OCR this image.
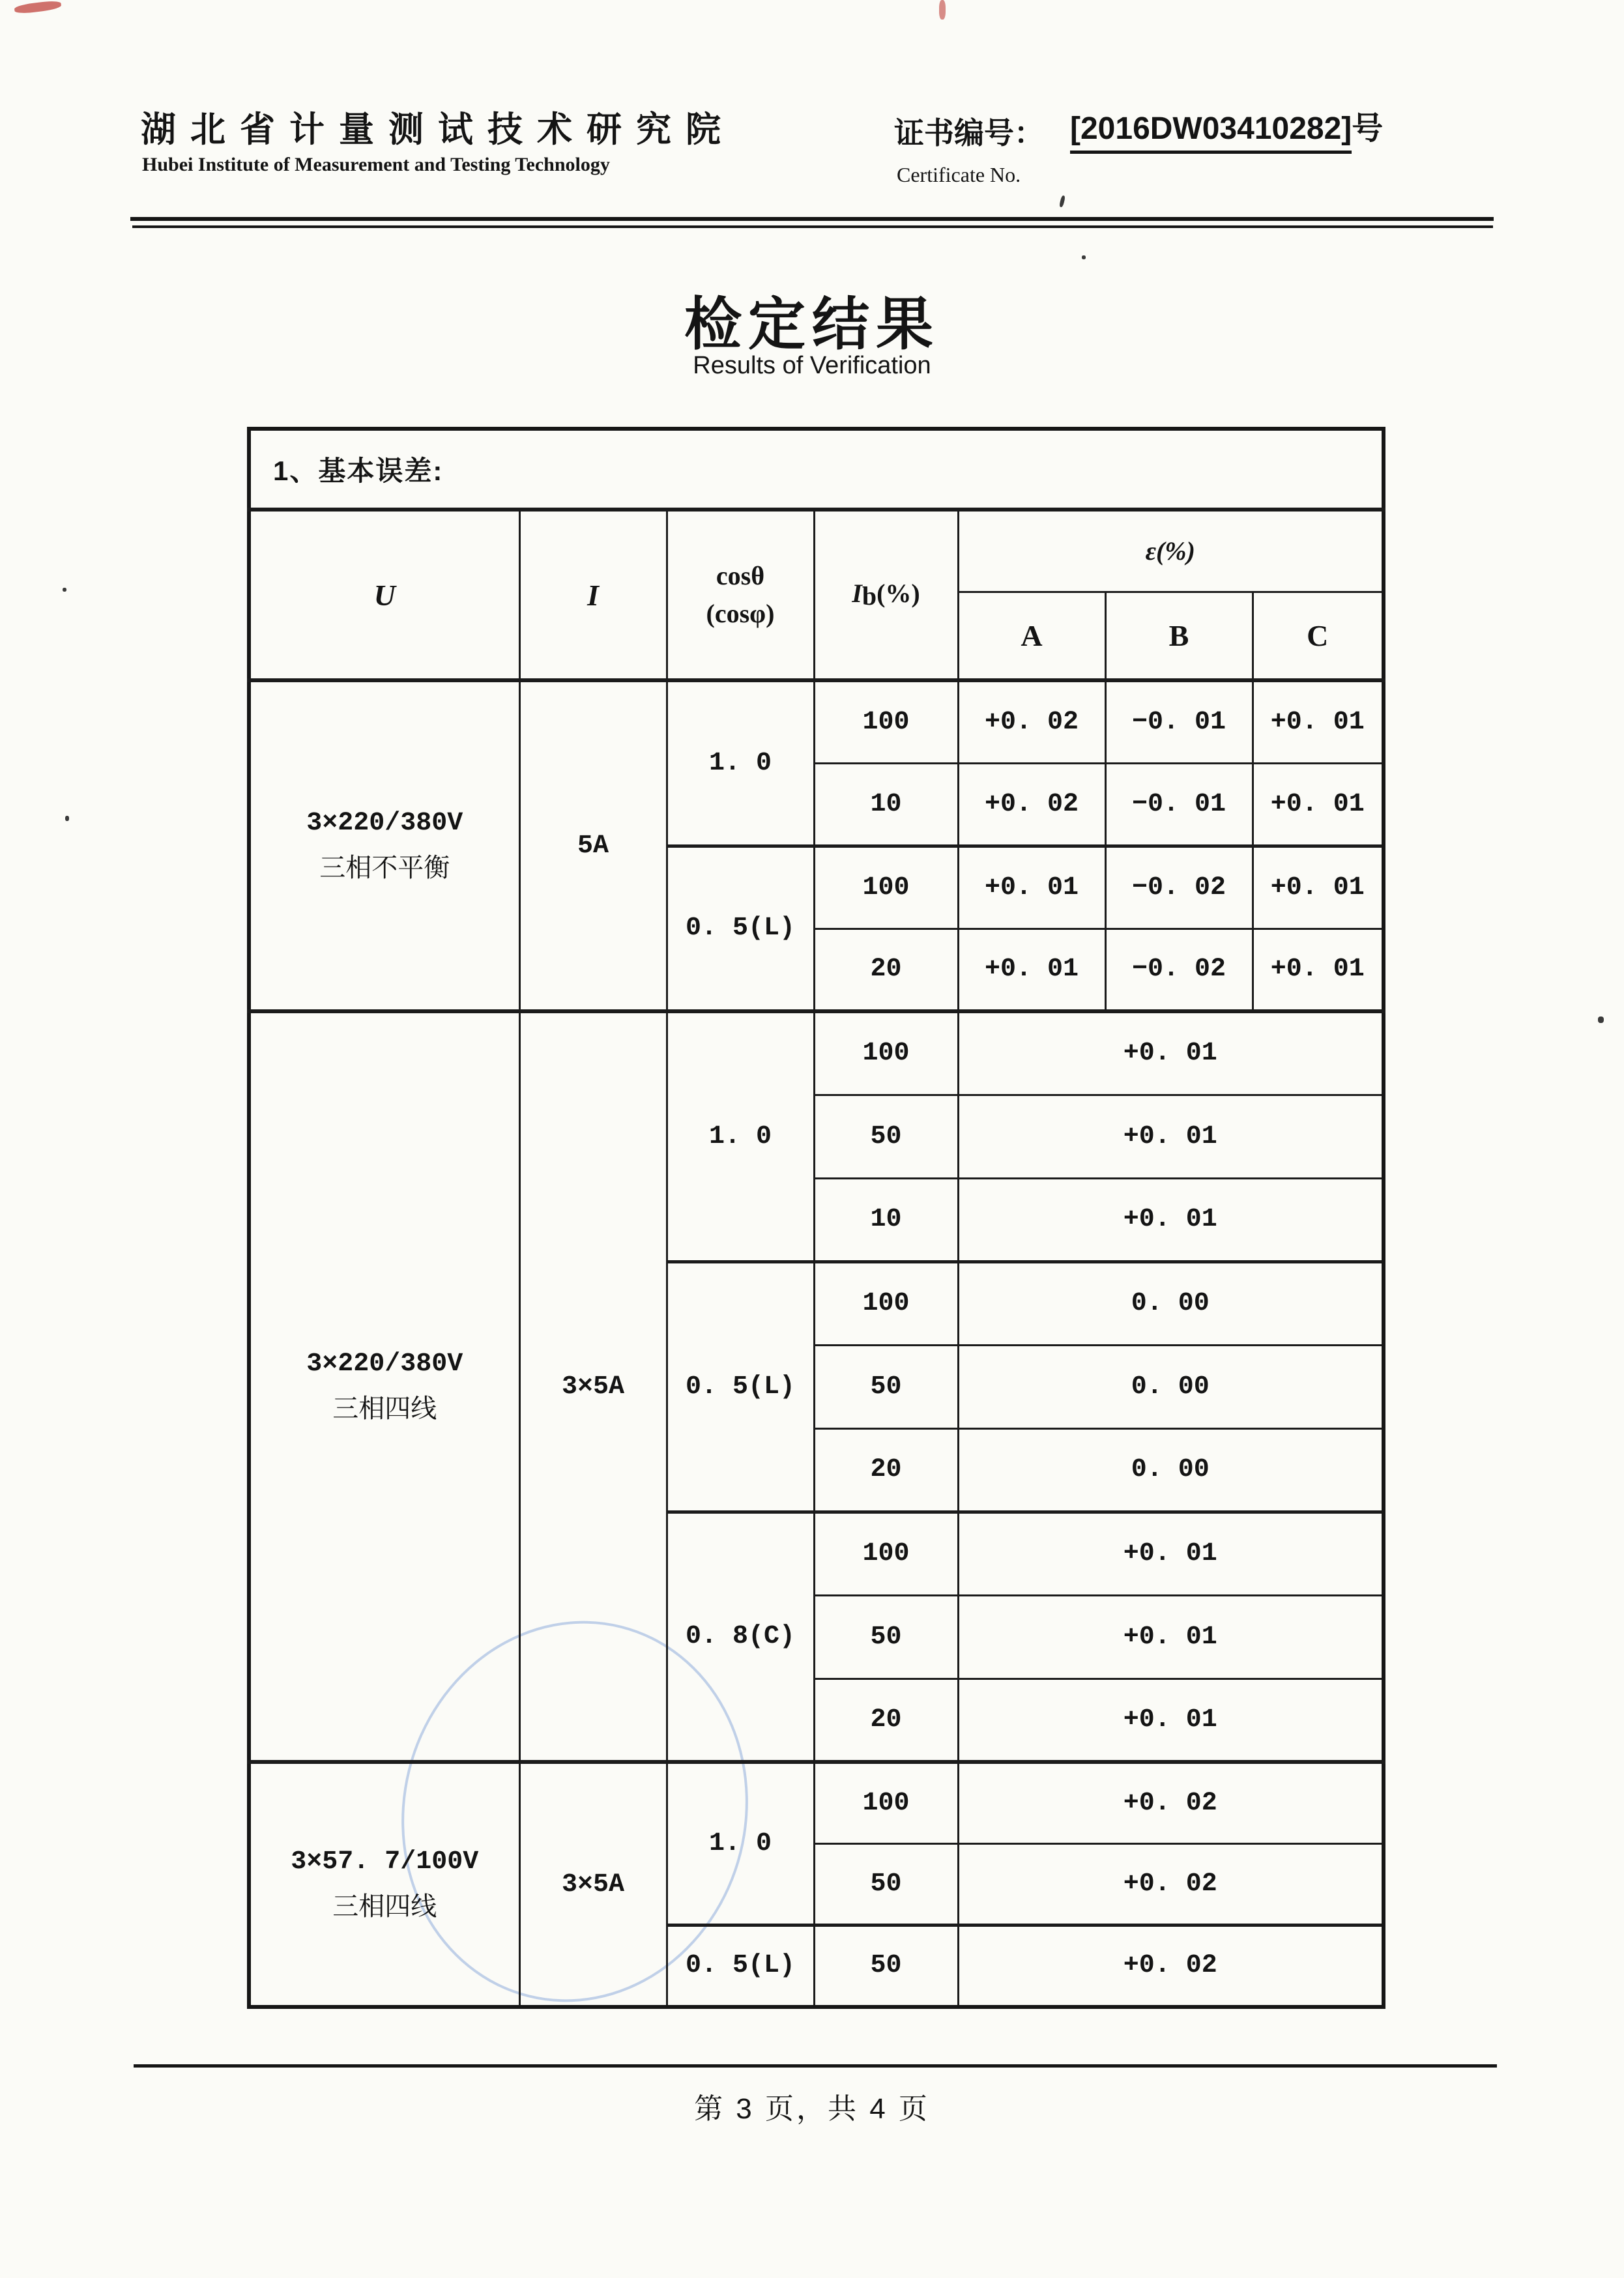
湖北省计量测试技术研究院
Hubei Institute of Measurement and Testing Technology
证书编号： [2016DW03410282]号
Certificate No.
检定结果
Results of Verification
1、基本误差:						
U	I	cosθ
(cosφ)	$I_b(\%)$	ε(%)		
				A	B	C

3×220/380V
三相不平衡	5A	1. 0	100	+0. 02	−0. 01	+0. 01
			10	+0. 02	−0. 01	+0. 01
		0. 5(L)	100	+0. 01	−0. 02	+0. 01
			20	+0. 01	−0. 02	+0. 01

3×220/380V
三相四线	3×5A	1. 0	100	+0. 01		
			50	+0. 01		
			10	+0. 01		
		0. 5(L)	100	0. 00		
			50	0. 00		
			20	0. 00		
		0. 8(C)	100	+0. 01		
			50	+0. 01		
			20	+0. 01		

3×57. 7/100V
三相四线	3×5A	1. 0	100	+0. 02		
			50	+0. 02		
		0. 5(L)	50	+0. 02		
第 3 页，共 4 页
